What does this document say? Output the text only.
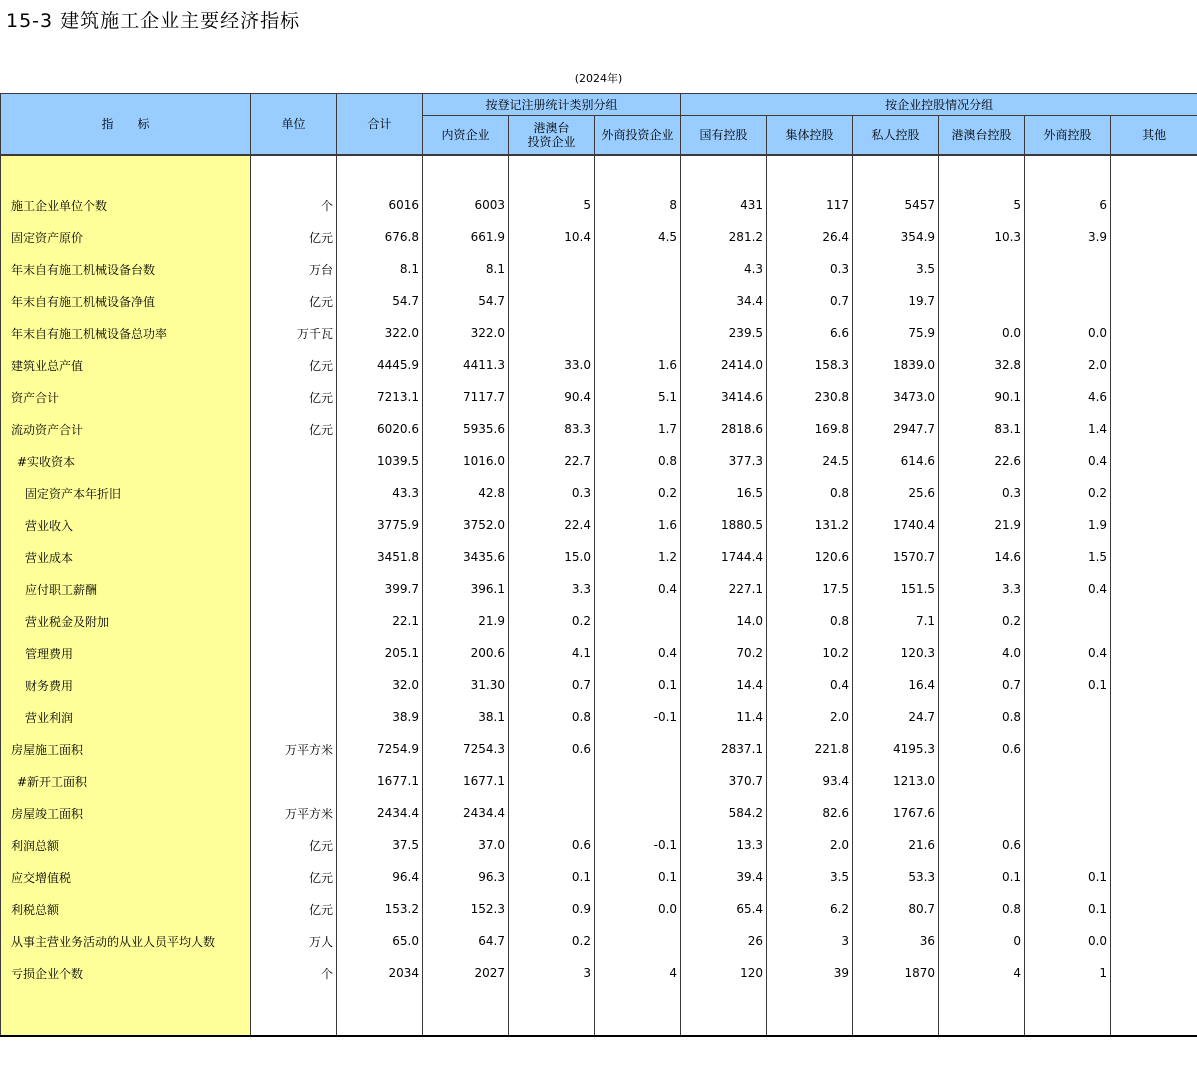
15-3 建筑施工企业主要经济指标
(2024年)
指　　标	单位	合计	按登记注册统计类别分组			按企业控股情况分组					
			内资企业	港澳台
投资企业	外商投资企业	国有控股	集体控股	私人控股	港澳台控股	外商控股	其他

施工企业单位个数	个	6016	6003	5	8	431	117	5457	5	6	
固定资产原价	亿元	676.8	661.9	10.4	4.5	281.2	26.4	354.9	10.3	3.9	
年末自有施工机械设备台数	万台	8.1	8.1			4.3	0.3	3.5			
年末自有施工机械设备净值	亿元	54.7	54.7			34.4	0.7	19.7			
年末自有施工机械设备总功率	万千瓦	322.0	322.0			239.5	6.6	75.9	0.0	0.0	
建筑业总产值	亿元	4445.9	4411.3	33.0	1.6	2414.0	158.3	1839.0	32.8	2.0	
资产合计	亿元	7213.1	7117.7	90.4	5.1	3414.6	230.8	3473.0	90.1	4.6	
流动资产合计	亿元	6020.6	5935.6	83.3	1.7	2818.6	169.8	2947.7	83.1	1.4	
#实收资本		1039.5	1016.0	22.7	0.8	377.3	24.5	614.6	22.6	0.4	
固定资产本年折旧		43.3	42.8	0.3	0.2	16.5	0.8	25.6	0.3	0.2	
营业收入		3775.9	3752.0	22.4	1.6	1880.5	131.2	1740.4	21.9	1.9	
营业成本		3451.8	3435.6	15.0	1.2	1744.4	120.6	1570.7	14.6	1.5	
应付职工薪酬		399.7	396.1	3.3	0.4	227.1	17.5	151.5	3.3	0.4	
营业税金及附加		22.1	21.9	0.2		14.0	0.8	7.1	0.2		
管理费用		205.1	200.6	4.1	0.4	70.2	10.2	120.3	4.0	0.4	
财务费用		32.0	31.30	0.7	0.1	14.4	0.4	16.4	0.7	0.1	
营业利润		38.9	38.1	0.8	-0.1	11.4	2.0	24.7	0.8		
房屋施工面积	万平方米	7254.9	7254.3	0.6		2837.1	221.8	4195.3	0.6		
#新开工面积		1677.1	1677.1			370.7	93.4	1213.0			
房屋竣工面积	万平方米	2434.4	2434.4			584.2	82.6	1767.6			
利润总额	亿元	37.5	37.0	0.6	-0.1	13.3	2.0	21.6	0.6		
应交增值税	亿元	96.4	96.3	0.1	0.1	39.4	3.5	53.3	0.1	0.1	
利税总额	亿元	153.2	152.3	0.9	0.0	65.4	6.2	80.7	0.8	0.1	
从事主营业务活动的从业人员平均人数	万人	65.0	64.7	0.2		26	3	36	0	0.0	
亏损企业个数	个	2034	2027	3	4	120	39	1870	4	1	
